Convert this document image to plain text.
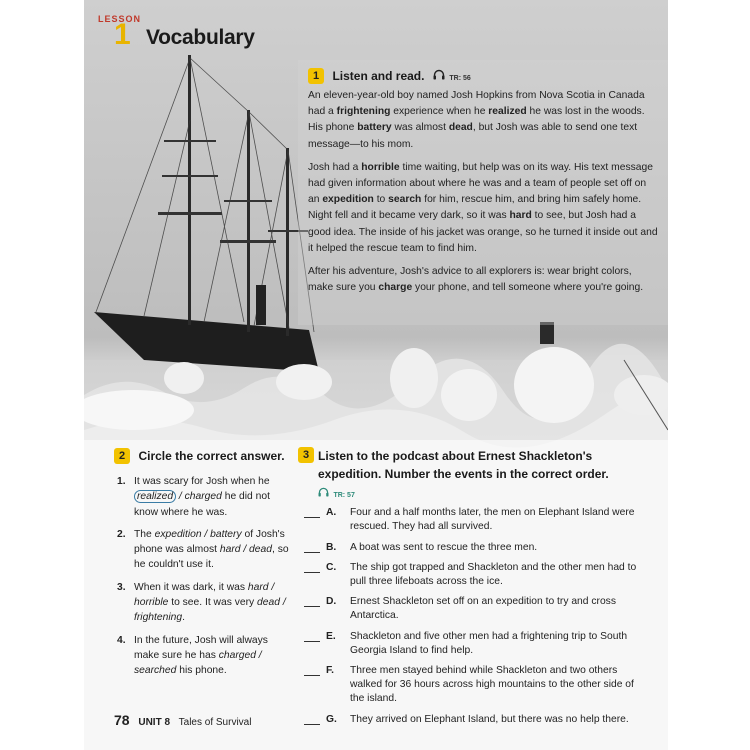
LESSON
1 Vocabulary
1 Listen and read.	TR: 56

An eleven-year-old boy named Josh Hopkins from Nova Scotia in Canada had a frightening experience when he realized he was lost in the woods. His phone battery was almost dead, but Josh was able to send one text message—to his mom.

Josh had a horrible time waiting, but help was on its way. His text message had given information about where he was and a team of people set off on an expedition to search for him, rescue him, and bring him safely home. Night fell and it became very dark, so it was hard to see, but Josh had a good idea. The inside of his jacket was orange, so he turned it inside out and it helped the rescue team to find him.

After his adventure, Josh's advice to all explorers is: wear bright colors, make sure you charge your phone, and tell someone where you're going.

2 Circle the correct answer.
1. It was scary for Josh when he realized / charged he did not know where he was.
2. The expedition / battery of Josh's phone was almost hard / dead, so he couldn't use it.
3. When it was dark, it was hard / horrible to see. It was very dead / frightening.
4. In the future, Josh will always make sure he has charged / searched his phone.
3 Listen to the podcast about Ernest Shackleton's expedition. Number the events in the correct order.
TR: 57
A. Four and a half months later, the men on Elephant Island were rescued. They had all survived.
B. A boat was sent to rescue the three men.
C. The ship got trapped and Shackleton and the other men had to pull three lifeboats across the ice.
D. Ernest Shackleton set off on an expedition to try and cross Antarctica.
E. Shackleton and five other men had a frightening trip to South Georgia Island to find help.
F. Three men stayed behind while Shackleton and two others walked for 36 hours across high mountains to the other side of the island.
G. They arrived on Elephant Island, but there was no help there.
78 UNIT 8 Tales of Survival
